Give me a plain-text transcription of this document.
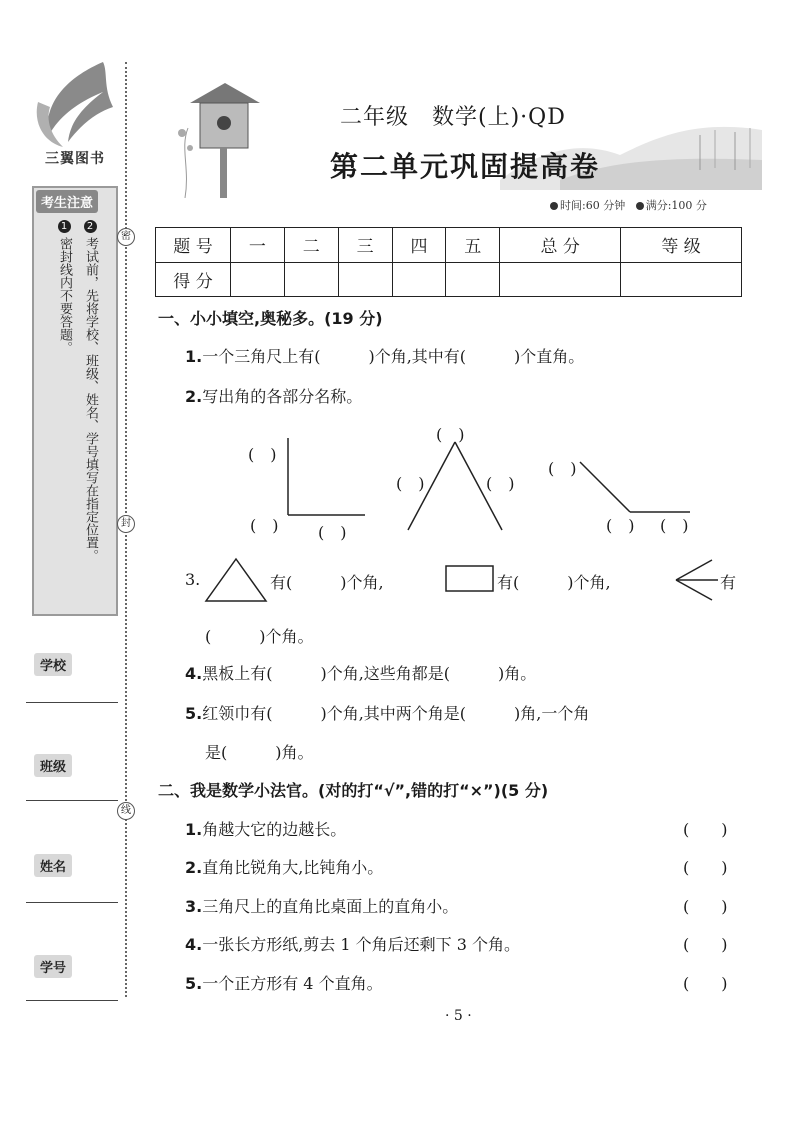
三翼图书
考生注意
1密封线内不要答题。
2考试前，先将学校、班级、姓名、学号填写在指定位置。
学校
班级
姓名
学号
密
封
线
二年级　数学(上)·QD
第二单元巩固提高卷
时间:60 分钟 满分:100 分
题 号	一	二	三	四	五	总 分	等 级
得 分							
一、小小填空,奥秘多。(19 分)
1.一个三角尺上有(　　　)个角,其中有(　　　)个直角。
2.写出角的各部分名称。
(　)
(　) (　)
(　)
(　)	(　)
(　)
(　) (　)
3.	有(　　　)个角,	有(　　　)个角,	有
(　　　)个角。
4.黑板上有(　　　)个角,这些角都是(　　　)角。
5.红领巾有(　　　)个角,其中两个角是(　　　)角,一个角
是(　　　)角。
二、我是数学小法官。(对的打“√”,错的打“×”)(5 分)
1.角越大它的边越长。	(　　)
2.直角比锐角大,比钝角小。	(　　)
3.三角尺上的直角比桌面上的直角小。	(　　)
4.一张长方形纸,剪去 1 个角后还剩下 3 个角。	(　　)
5.一个正方形有 4 个直角。	(　　)
· 5 ·
